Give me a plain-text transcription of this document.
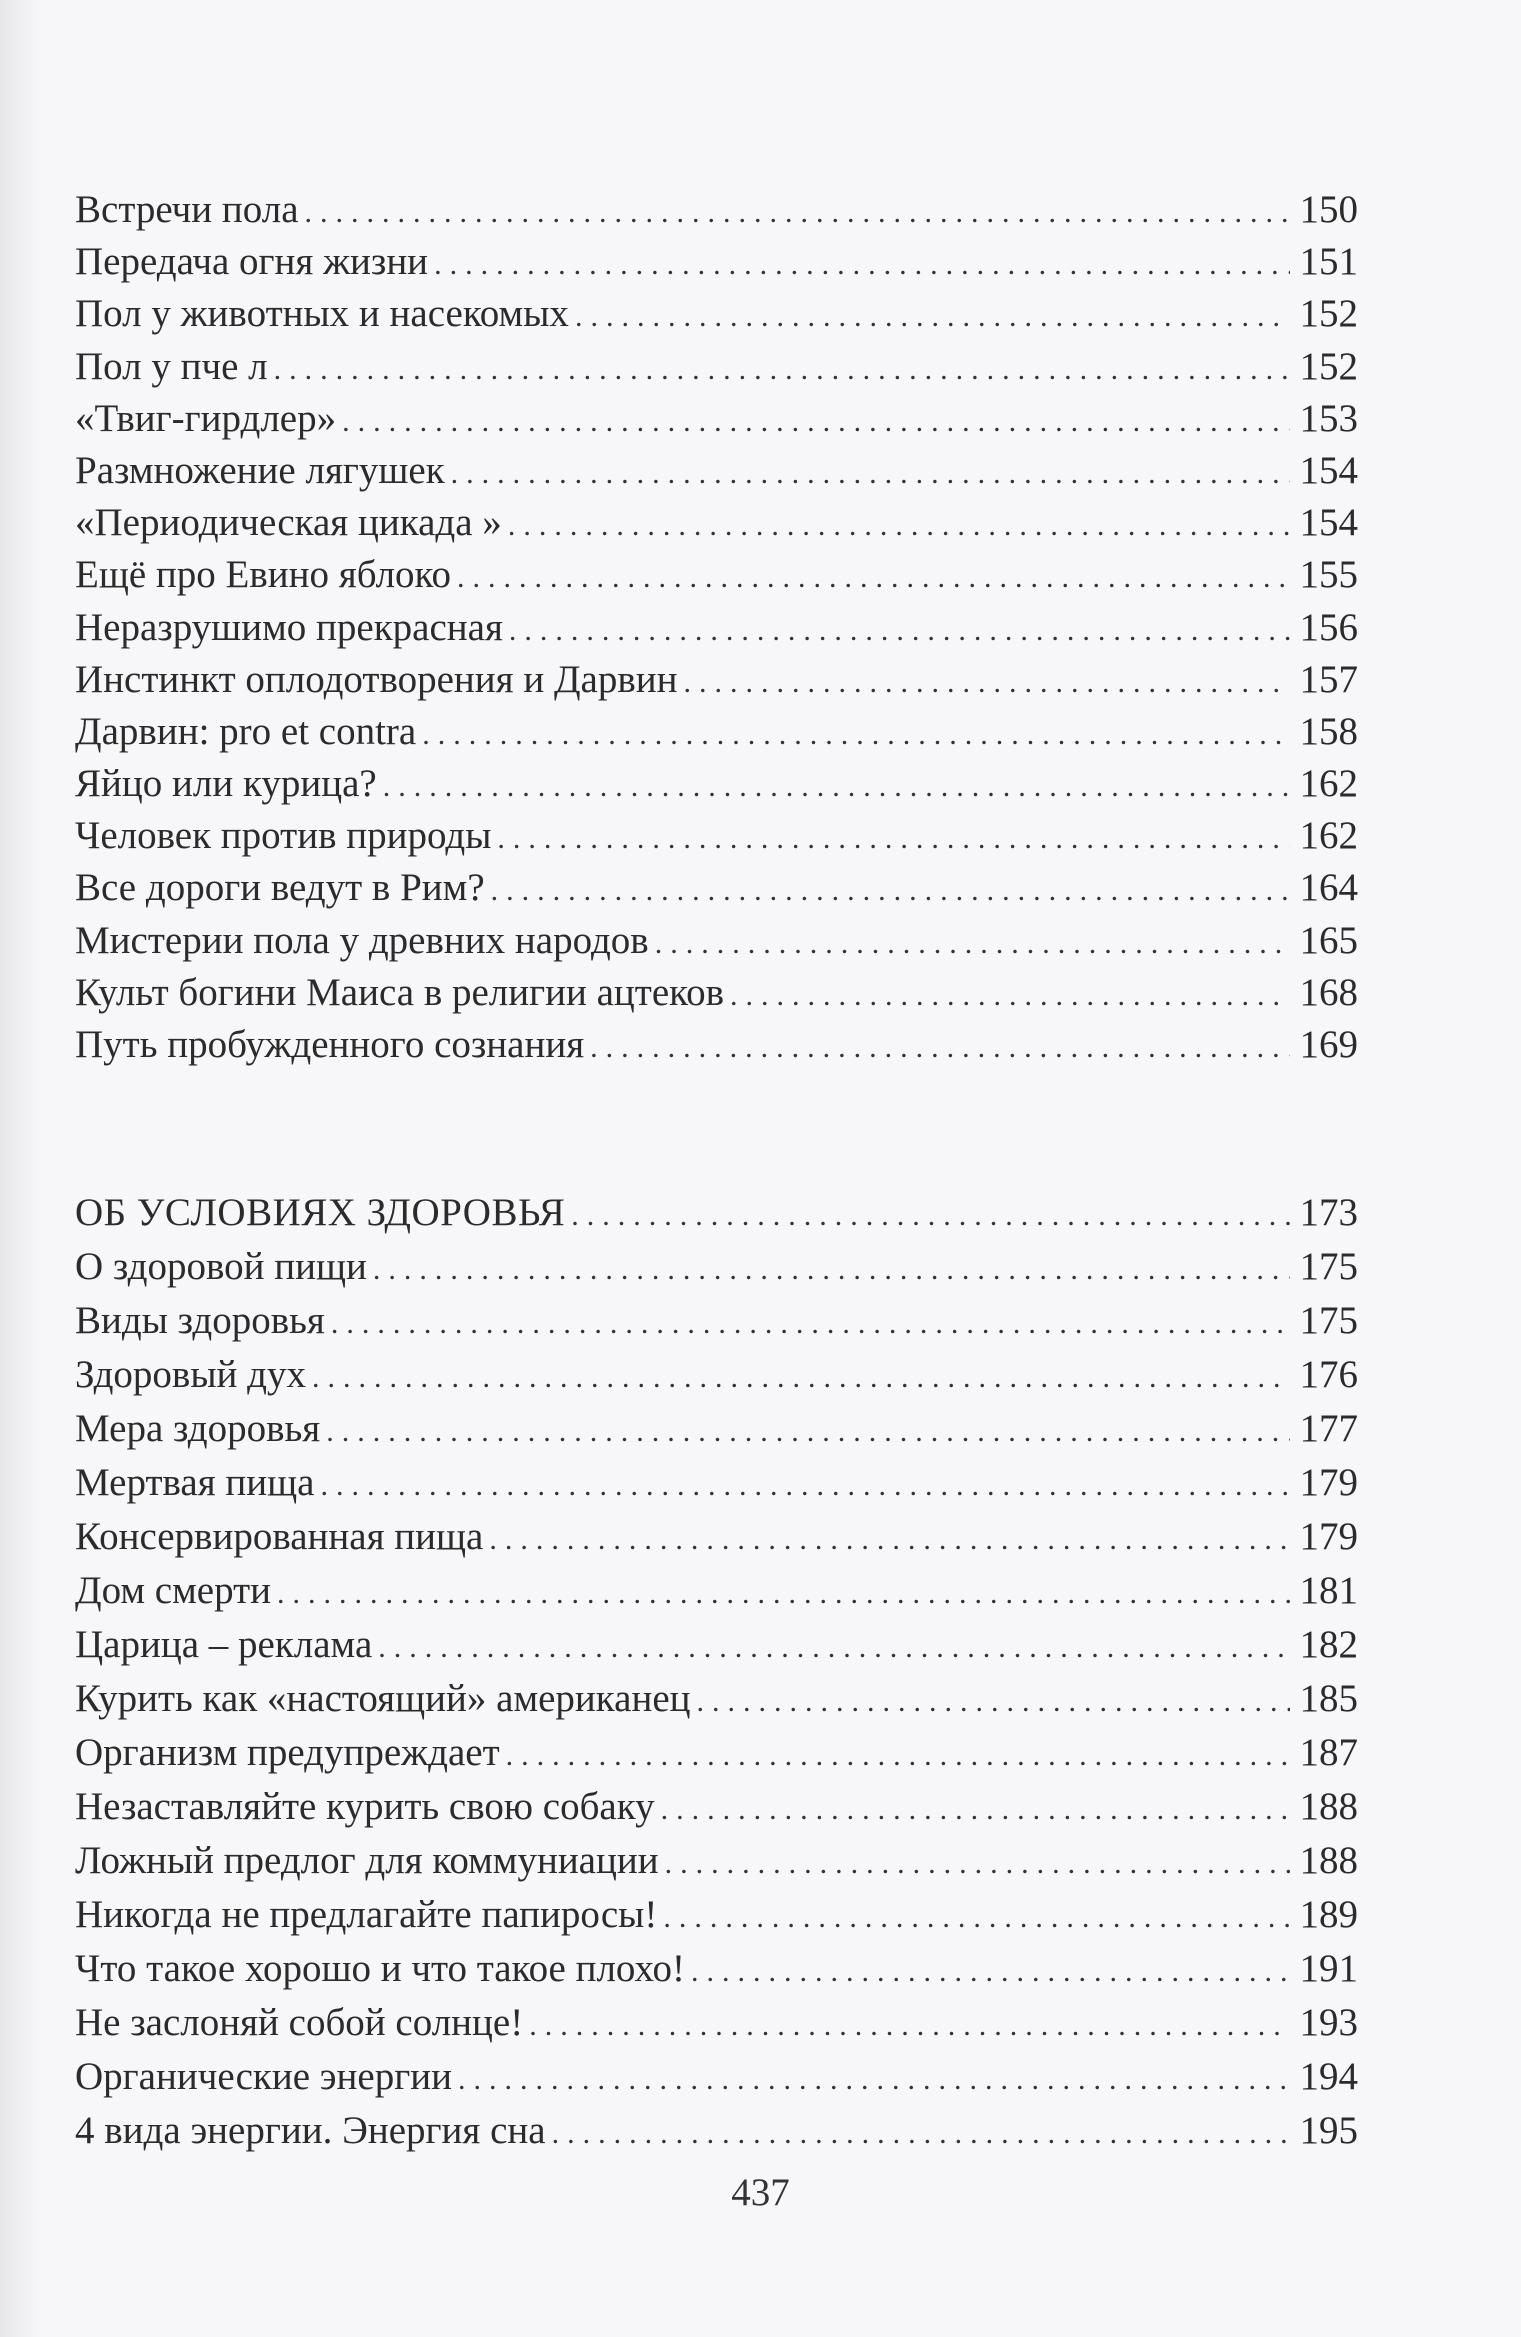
Встречи пола .....	150
Передача огня жизни .....	151
Пол у животных и насекомых .....	152
Пол у пче л .....	152
«Твиг-гирдлер» .....	153
Размножение лягушек .....	154
«Периодическая цикада » .....	154
Ещё про Евино яблоко .....	155
Неразрушимо прекрасная .....	156
Инстинкт оплодотворения и Дарвин .....	157
Дарвин: pro et contra .....	158
Яйцо или курица? .....	162
Человек против природы .....	162
Все дороги ведут в Рим? .....	164
Мистерии пола у древних народов .....	165
Культ богини Маиса в религии ацтеков .....	168
Путь пробужденного сознания .....	169
ОБ УСЛОВИЯХ ЗДОРОВЬЯ .....	173
О здоровой пищи .....	175
Виды здоровья .....	175
Здоровый дух .....	176
Мера здоровья .....	177
Мертвая пища .....	179
Консервированная пища .....	179
Дом смерти .....	181
Царица – реклама .....	182
Курить как «настоящий» американец .....	185
Организм предупреждает .....	187
Незаставляйте курить свою собаку .....	188
Ложный предлог для коммуниации .....	188
Никогда не предлагайте папиросы! .....	189
Что такое хорошо и что такое плохо! .....	191
Не заслоняй собой солнце! .....	193
Органические энергии .....	194
4 вида энергии. Энергия сна .....	195
437
